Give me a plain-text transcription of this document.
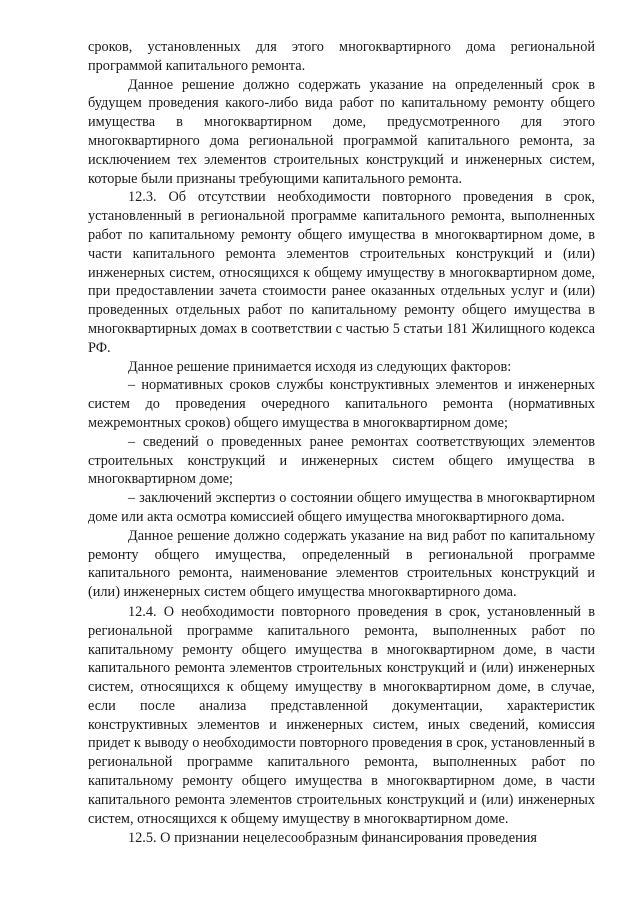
сроков, установленных для этого многоквартирного дома региональной программой капитального ремонта.

Данное решение должно содержать указание на определенный срок в будущем проведения какого-либо вида работ по капитальному ремонту общего имущества в многоквартирном доме, предусмотренного для этого многоквартирного дома региональной программой капитального ремонта, за исключением тех элементов строительных конструкций и инженерных систем, которые были признаны требующими капитального ремонта.

12.3. Об отсутствии необходимости повторного проведения в срок, установленный в региональной программе капитального ремонта, выполненных работ по капитальному ремонту общего имущества в многоквартирном доме, в части капитального ремонта элементов строительных конструкций и (или) инженерных систем, относящихся к общему имуществу в многоквартирном доме, при предоставлении зачета стоимости ранее оказанных отдельных услуг и (или) проведенных отдельных работ по капитальному ремонту общего имущества в многоквартирных домах в соответствии с частью 5 статьи 181 Жилищного кодекса РФ.

Данное решение принимается исходя из следующих факторов:

– нормативных сроков службы конструктивных элементов и инженерных систем до проведения очередного капитального ремонта (нормативных межремонтных сроков) общего имущества в многоквартирном доме;

– сведений о проведенных ранее ремонтах соответствующих элементов строительных конструкций и инженерных систем общего имущества в многоквартирном доме;

– заключений экспертиз о состоянии общего имущества в многоквартирном доме или акта осмотра комиссией общего имущества многоквартирного дома.

Данное решение должно содержать указание на вид работ по капитальному ремонту общего имущества, определенный в региональной программе капитального ремонта, наименование элементов строительных конструкций и (или) инженерных систем общего имущества многоквартирного дома.

12.4. О необходимости повторного проведения в срок, установленный в региональной программе капитального ремонта, выполненных работ по капитальному ремонту общего имущества в многоквартирном доме, в части капитального ремонта элементов строительных конструкций и (или) инженерных систем, относящихся к общему имуществу в многоквартирном доме, в случае, если после анализа представленной документации, характеристик конструктивных элементов и инженерных систем, иных сведений, комиссия придет к выводу о необходимости повторного проведения в срок, установленный в региональной программе капитального ремонта, выполненных работ по капитальному ремонту общего имущества в многоквартирном доме, в части капитального ремонта элементов строительных конструкций и (или) инженерных систем, относящихся к общему имуществу в многоквартирном доме.

12.5. О признании нецелесообразным финансирования проведения
